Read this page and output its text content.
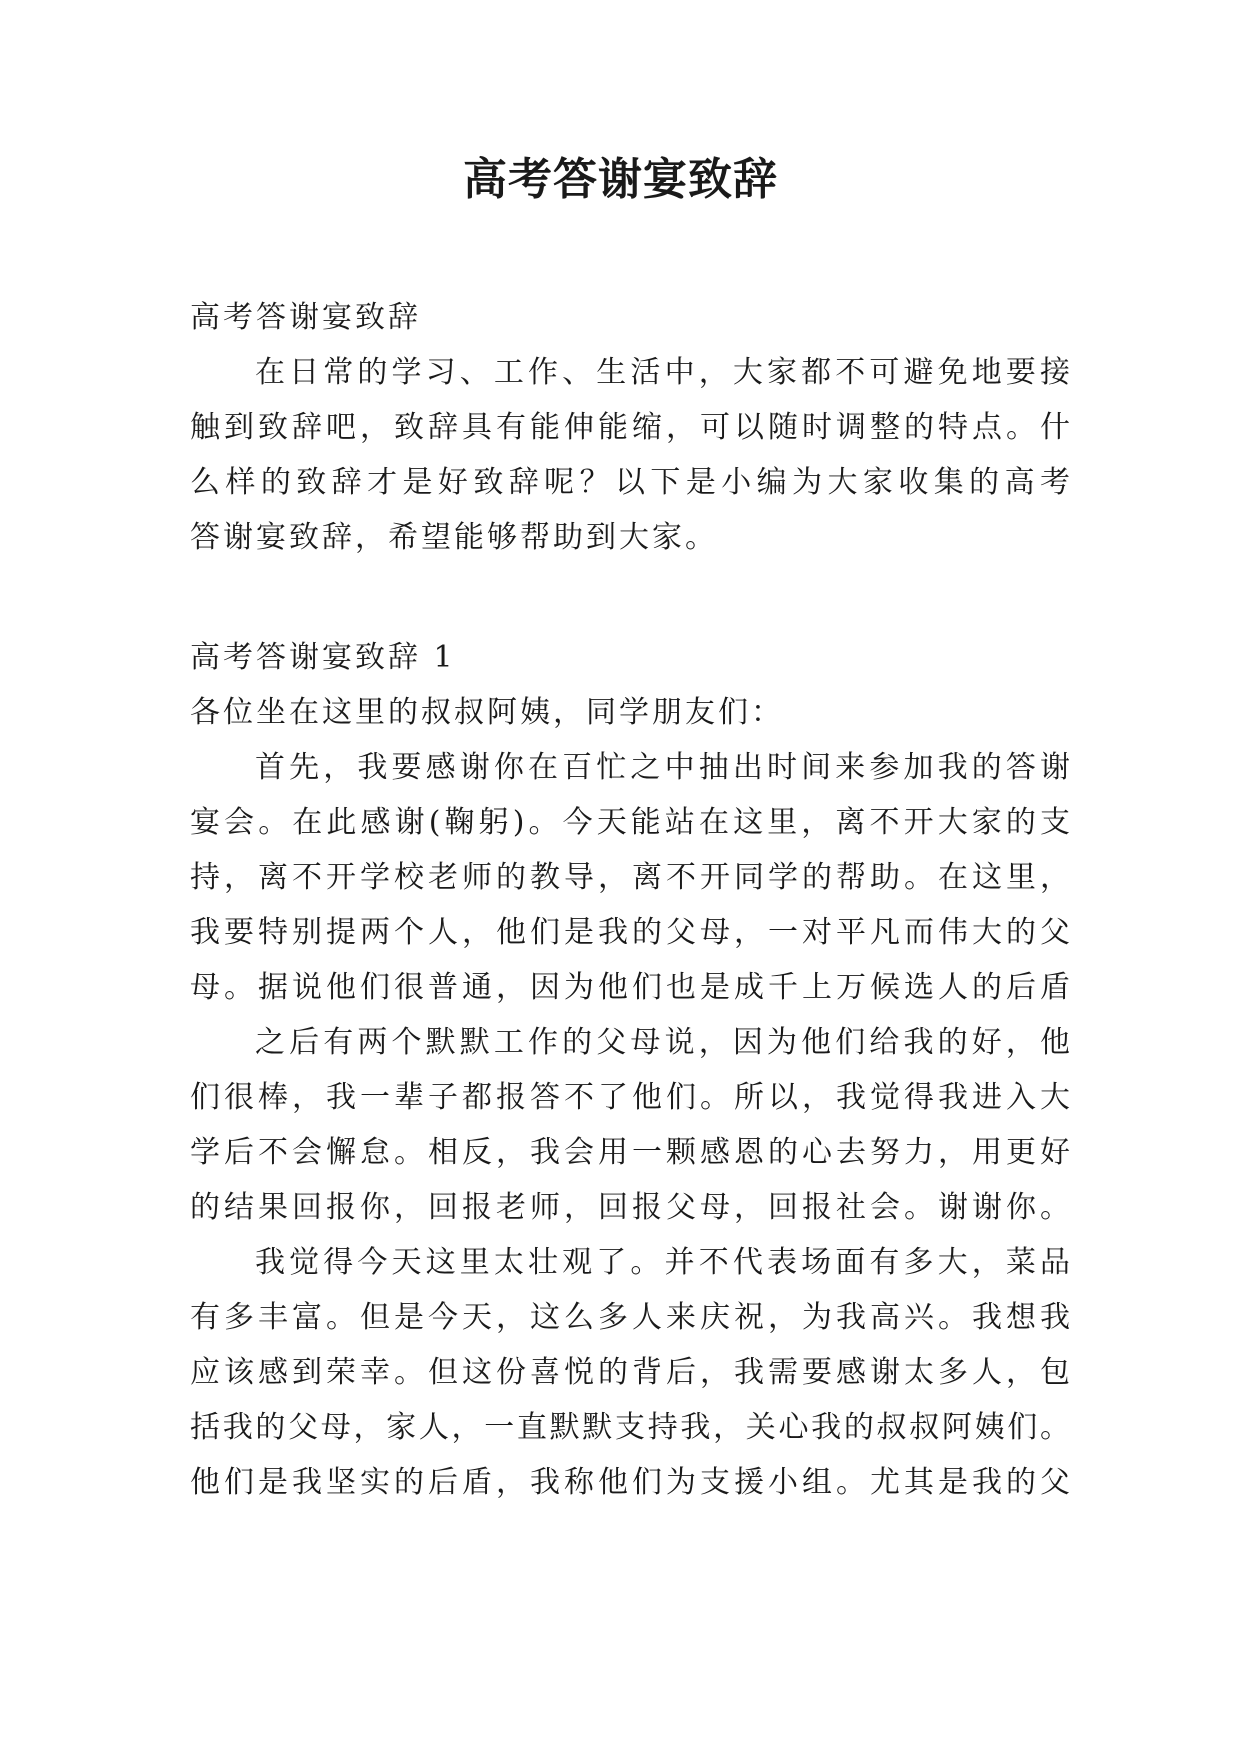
高考答谢宴致辞
高考答谢宴致辞
在日常的学习、工作、生活中，大家都不可避免地要接
触到致辞吧，致辞具有能伸能缩，可以随时调整的特点。什
么样的致辞才是好致辞呢？以下是小编为大家收集的高考
答谢宴致辞，希望能够帮助到大家。
高考答谢宴致辞 1
各位坐在这里的叔叔阿姨，同学朋友们：
首先，我要感谢你在百忙之中抽出时间来参加我的答谢
宴会。在此感谢(鞠躬)。今天能站在这里，离不开大家的支
持，离不开学校老师的教导，离不开同学的帮助。在这里，
我要特别提两个人，他们是我的父母，一对平凡而伟大的父
母。据说他们很普通，因为他们也是成千上万候选人的后盾
之后有两个默默工作的父母说，因为他们给我的好，他
们很棒，我一辈子都报答不了他们。所以，我觉得我进入大
学后不会懈怠。相反，我会用一颗感恩的心去努力，用更好
的结果回报你，回报老师，回报父母，回报社会。谢谢你。
我觉得今天这里太壮观了。并不代表场面有多大，菜品
有多丰富。但是今天，这么多人来庆祝，为我高兴。我想我
应该感到荣幸。但这份喜悦的背后，我需要感谢太多人，包
括我的父母，家人，一直默默支持我，关心我的叔叔阿姨们。
他们是我坚实的后盾，我称他们为支援小组。尤其是我的父
